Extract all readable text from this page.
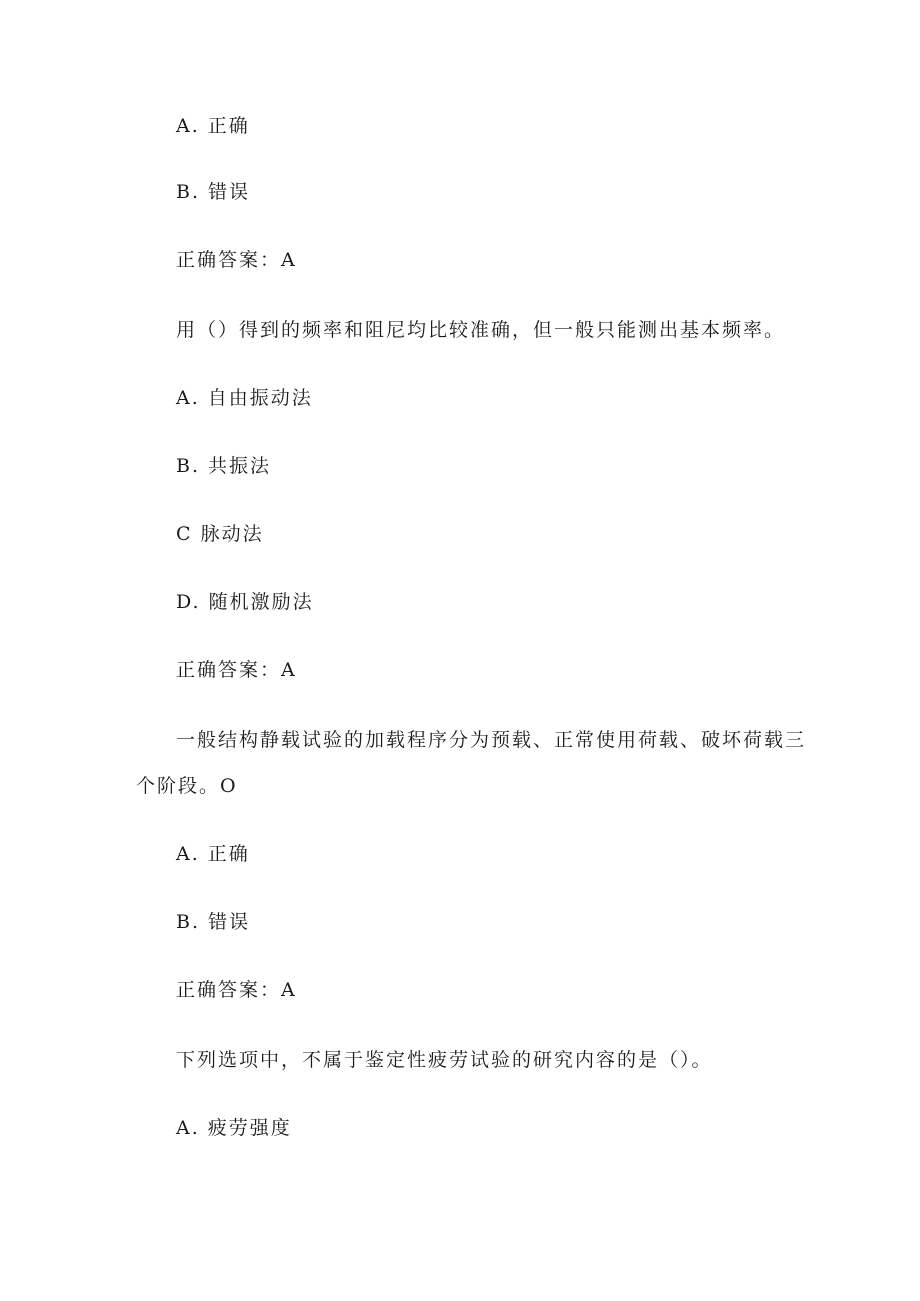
A. 正确
B. 错误
正确答案：A
用（）得到的频率和阻尼均比较准确，但一般只能测出基本频率。
A. 自由振动法
B. 共振法
C 脉动法
D. 随机激励法
正确答案：A
一般结构静载试验的加载程序分为预载、正常使用荷载、破坏荷载三
个阶段。O
A. 正确
B. 错误
正确答案：A
下列选项中，不属于鉴定性疲劳试验的研究内容的是（）。
A. 疲劳强度
